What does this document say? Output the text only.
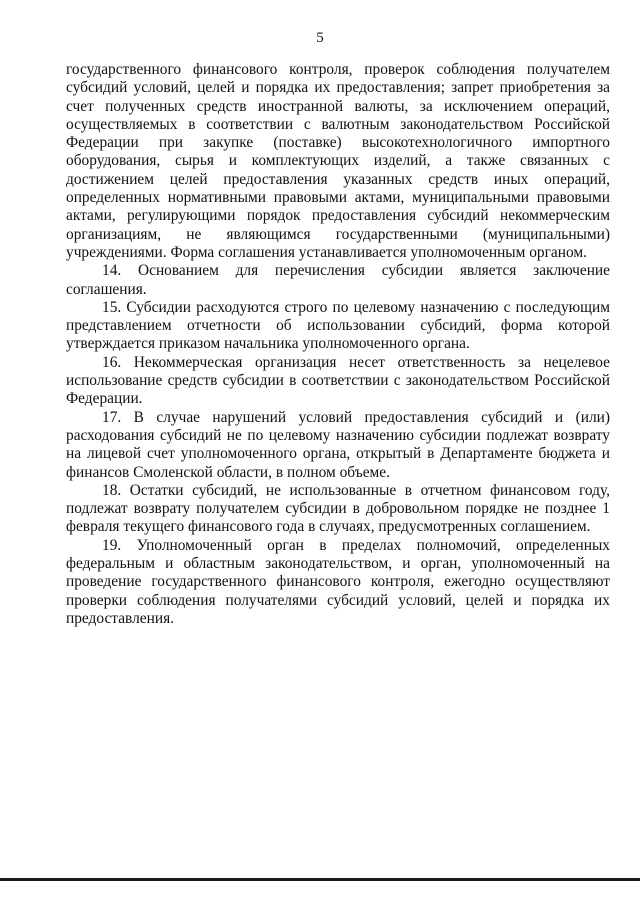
5

государственного финансового контроля, проверок соблюдения получателем субсидий условий, целей и порядка их предоставления; запрет приобретения за счет полученных средств иностранной валюты, за исключением операций, осуществляемых в соответствии с валютным законодательством Российской Федерации при закупке (поставке) высокотехнологичного импортного оборудования, сырья и комплектующих изделий, а также связанных с достижением целей предоставления указанных средств иных операций, определенных нормативными правовыми актами, муниципальными правовыми актами, регулирующими порядок предоставления субсидий некоммерческим организациям, не являющимся государственными (муниципальными) учреждениями. Форма соглашения устанавливается уполномоченным органом.

14. Основанием для перечисления субсидии является заключение соглашения.

15. Субсидии расходуются строго по целевому назначению с последующим представлением отчетности об использовании субсидий, форма которой утверждается приказом начальника уполномоченного органа.

16. Некоммерческая организация несет ответственность за нецелевое использование средств субсидии в соответствии с законодательством Российской Федерации.

17. В случае нарушений условий предоставления субсидий и (или) расходования субсидий не по целевому назначению субсидии подлежат возврату на лицевой счет уполномоченного органа, открытый в Департаменте бюджета и финансов Смоленской области, в полном объеме.

18. Остатки субсидий, не использованные в отчетном финансовом году, подлежат возврату получателем субсидии в добровольном порядке не позднее 1 февраля текущего финансового года в случаях, предусмотренных соглашением.

19. Уполномоченный орган в пределах полномочий, определенных федеральным и областным законодательством, и орган, уполномоченный на проведение государственного финансового контроля, ежегодно осуществляют проверки соблюдения получателями субсидий условий, целей и порядка их предоставления.
